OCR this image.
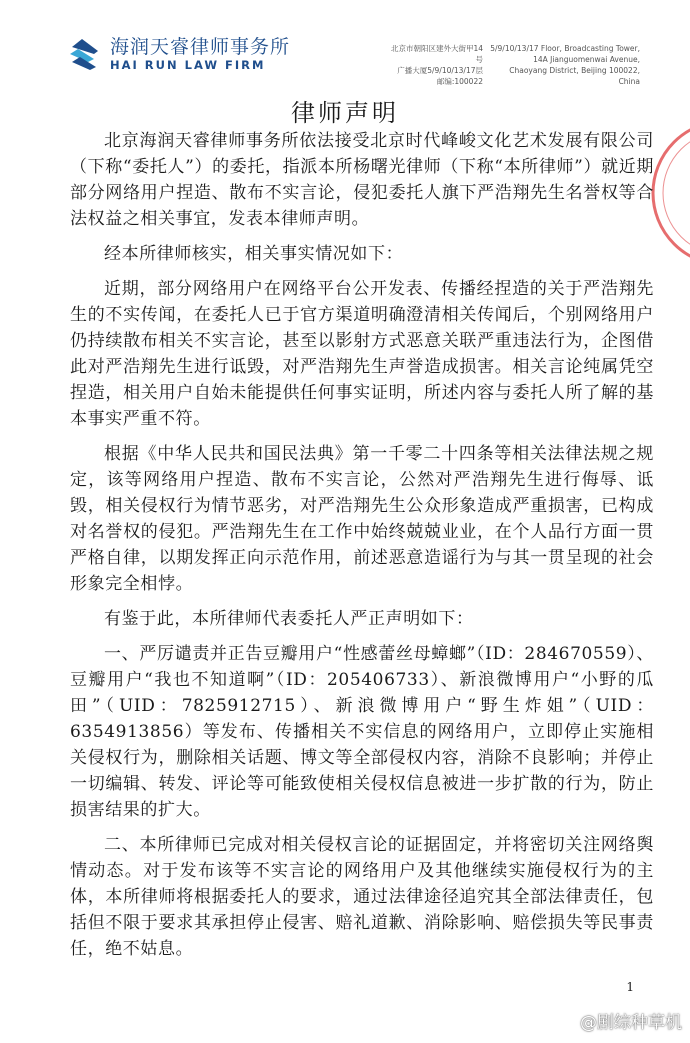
海润天睿律师事务所
HAI RUN LAW FIRM
北京市朝阳区建外大街甲14号
广播大厦5/9/10/13/17层
邮编:100022
5/9/10/13/17 Floor, Broadcasting Tower,
14A Jianguomenwai Avenue,
Chaoyang District, Beijing 100022, China
律师声明

北京海润天睿律师事务所依法接受北京时代峰峻文化艺术发展有限公司（下称“委托人”）的委托，指派本所杨曙光律师（下称“本所律师”）就近期部分网络用户捏造、散布不实言论，侵犯委托人旗下严浩翔先生名誉权等合法权益之相关事宜，发表本律师声明。

经本所律师核实，相关事实情况如下：

近期，部分网络用户在网络平台公开发表、传播经捏造的关于严浩翔先生的不实传闻，在委托人已于官方渠道明确澄清相关传闻后，个别网络用户仍持续散布相关不实言论，甚至以影射方式恶意关联严重违法行为，企图借此对严浩翔先生进行诋毁，对严浩翔先生声誉造成损害。相关言论纯属凭空捏造，相关用户自始未能提供任何事实证明，所述内容与委托人所了解的基本事实严重不符。

根据《中华人民共和国民法典》第一千零二十四条等相关法律法规之规定，该等网络用户捏造、散布不实言论，公然对严浩翔先生进行侮辱、诋毁，相关侵权行为情节恶劣，对严浩翔先生公众形象造成严重损害，已构成对名誉权的侵犯。严浩翔先生在工作中始终兢兢业业，在个人品行方面一贯严格自律，以期发挥正向示范作用，前述恶意造谣行为与其一贯呈现的社会形象完全相悖。

有鉴于此，本所律师代表委托人严正声明如下：

一、严厉谴责并正告豆瓣用户“性感蕾丝母蟑螂”（ID：284670559）、豆瓣用户“我也不知道啊”（ID：205406733）、新浪微博用户“小野的瓜田”（UID：7825912715）、新浪微博用户“野生炸姐”（UID：6354913856）等发布、传播相关不实信息的网络用户，立即停止实施相关侵权行为，删除相关话题、博文等全部侵权内容，消除不良影响；并停止一切编辑、转发、评论等可能致使相关侵权信息被进一步扩散的行为，防止损害结果的扩大。

二、本所律师已完成对相关侵权言论的证据固定，并将密切关注网络舆情动态。对于发布该等不实言论的网络用户及其他继续实施侵权行为的主体，本所律师将根据委托人的要求，通过法律途径追究其全部法律责任，包括但不限于要求其承担停止侵害、赔礼道歉、消除影响、赔偿损失等民事责任，绝不姑息。

1
@剧综种草机
